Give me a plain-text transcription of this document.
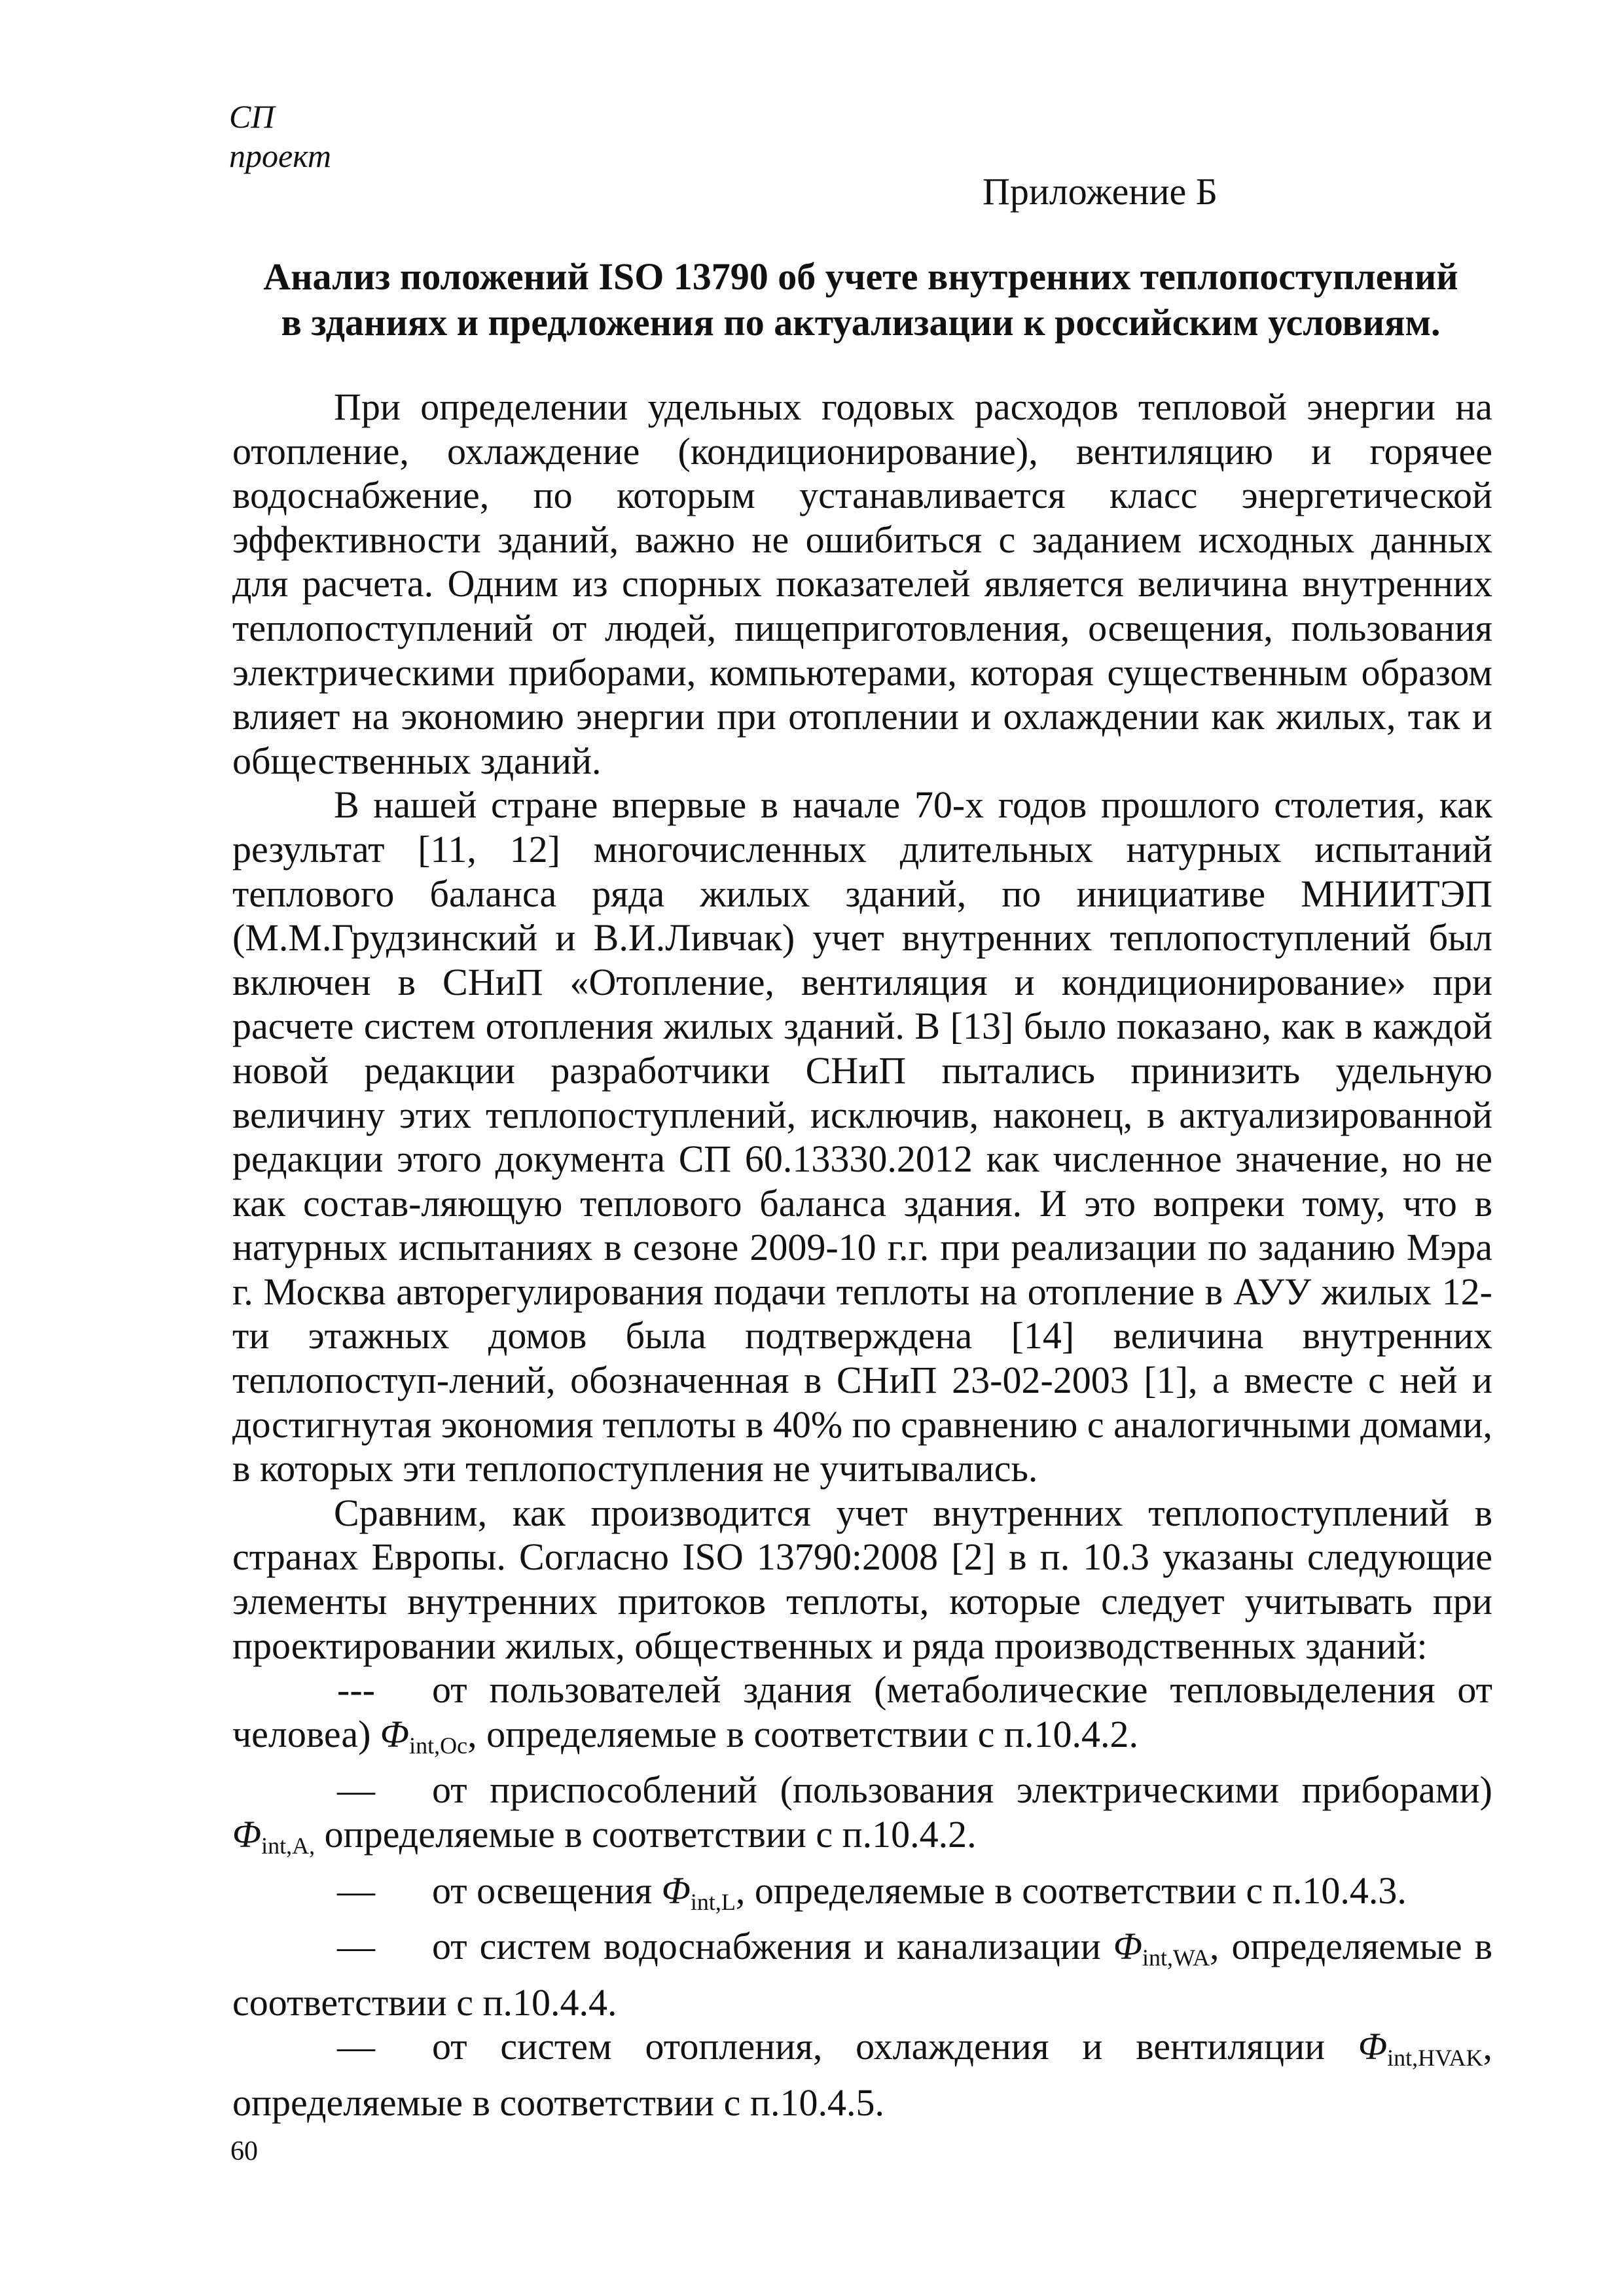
СП
проект
Приложение Б
Анализ положений ISO 13790 об учете внутренних теплопоступлений
в зданиях и предложения по актуализации к российским условиям.

При определении удельных годовых расходов тепловой энергии на отопление, охлаждение (кондиционирование), вентиляцию и горячее водоснабжение, по которым устанавливается класс энергетической эффективности зданий, важно не ошибиться с заданием исходных данных для расчета. Одним из спорных показателей является величина внутренних теплопоступлений от людей, пищеприготовления, освещения, пользования электрическими приборами, компьютерами, которая существенным образом влияет на экономию энергии при отоплении и охлаждении как жилых, так и общественных зданий.

В нашей стране впервые в начале 70-х годов прошлого столетия, как результат [11, 12] многочисленных длительных натурных испытаний теплового баланса ряда жилых зданий, по инициативе МНИИТЭП (М.М.Грудзинский и В.И.Ливчак) учет внутренних теплопоступлений был включен в СНиП «Отопление, вентиляция и кондиционирование» при расчете систем отопления жилых зданий. В [13] было показано, как в каждой новой редакции разработчики СНиП пытались принизить удельную величину этих теплопоступлений, исключив, наконец, в актуализированной редакции этого документа СП 60.13330.2012 как численное значение, но не как состав-ляющую теплового баланса здания. И это вопреки тому, что в натурных испытаниях в сезоне 2009-10 г.г. при реализации по заданию Мэра г. Москва авторегулирования подачи теплоты на отопление в АУУ жилых 12-ти этажных домов была подтверждена [14] величина внутренних теплопоступ-лений, обозначенная в СНиП 23-02-2003 [1], а вместе с ней и достигнутая экономия теплоты в 40% по сравнению с аналогичными домами, в которых эти теплопоступления не учитывались.

Сравним, как производится учет внутренних теплопоступлений в странах Европы. Согласно ISO 13790:2008 [2] в п. 10.3 указаны следующие элементы внутренних притоков теплоты, которые следует учитывать при проектировании жилых, общественных и ряда производственных зданий:

--- от пользователей здания (метаболические тепловыделения от человеа) $\Phi_{int,Oc}$, определяемые в соответствии с п.10.4.2.

— от приспособлений (пользования электрическими приборами) $\Phi_{int,A,}$ определяемые в соответствии с п.10.4.2.

— от освещения $\Phi_{int,L}$, определяемые в соответствии с п.10.4.3.

— от систем водоснабжения и канализации $\Phi_{int,WA}$, определяемые в соответствии с п.10.4.4.

— от систем отопления, охлаждения и вентиляции $\Phi_{int,HVAK}$, определяемые в соответствии с п.10.4.5.

60
